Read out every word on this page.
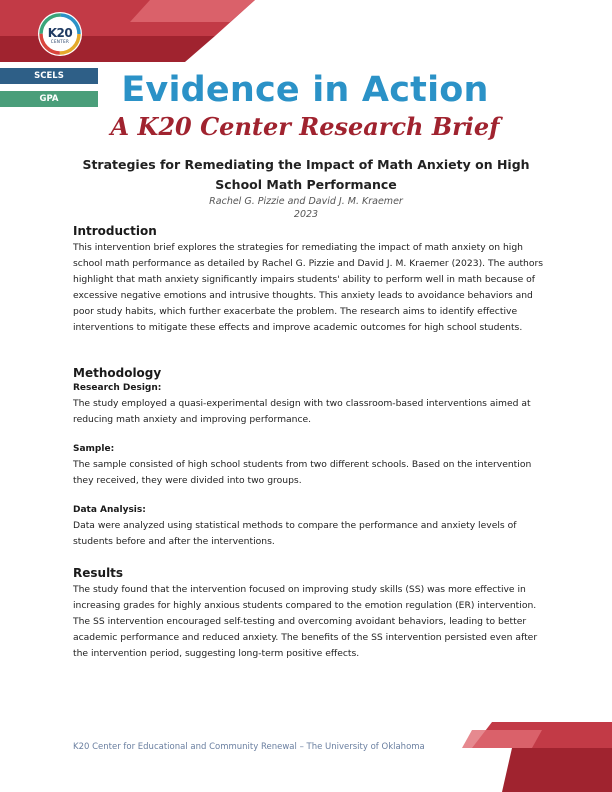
K20
CENTER
SCELS
GPA	Evidence in Action
A K20 Center Research Brief
Strategies for Remediating the Impact of Math Anxiety on High School Math Performance
Rachel G. Pizzie and David J. M. Kraemer
2023
Introduction
This intervention brief explores the strategies for remediating the impact of math anxiety on high school math performance as detailed by Rachel G. Pizzie and David J. M. Kraemer (2023). The authors highlight that math anxiety significantly impairs students' ability to perform well in math because of excessive negative emotions and intrusive thoughts. This anxiety leads to avoidance behaviors and poor study habits, which further exacerbate the problem. The research aims to identify effective interventions to mitigate these effects and improve academic outcomes for high school students.
Methodology
Research Design:
The study employed a quasi-experimental design with two classroom-based interventions aimed at reducing math anxiety and improving performance.
Sample:
The sample consisted of high school students from two different schools. Based on the intervention they received, they were divided into two groups.
Data Analysis:
Data were analyzed using statistical methods to compare the performance and anxiety levels of students before and after the interventions.
Results
The study found that the intervention focused on improving study skills (SS) was more effective in increasing grades for highly anxious students compared to the emotion regulation (ER) intervention. The SS intervention encouraged self-testing and overcoming avoidant behaviors, leading to better academic performance and reduced anxiety. The benefits of the SS intervention persisted even after the intervention period, suggesting long-term positive effects.
K20 Center for Educational and Community Renewal – The University of Oklahoma
